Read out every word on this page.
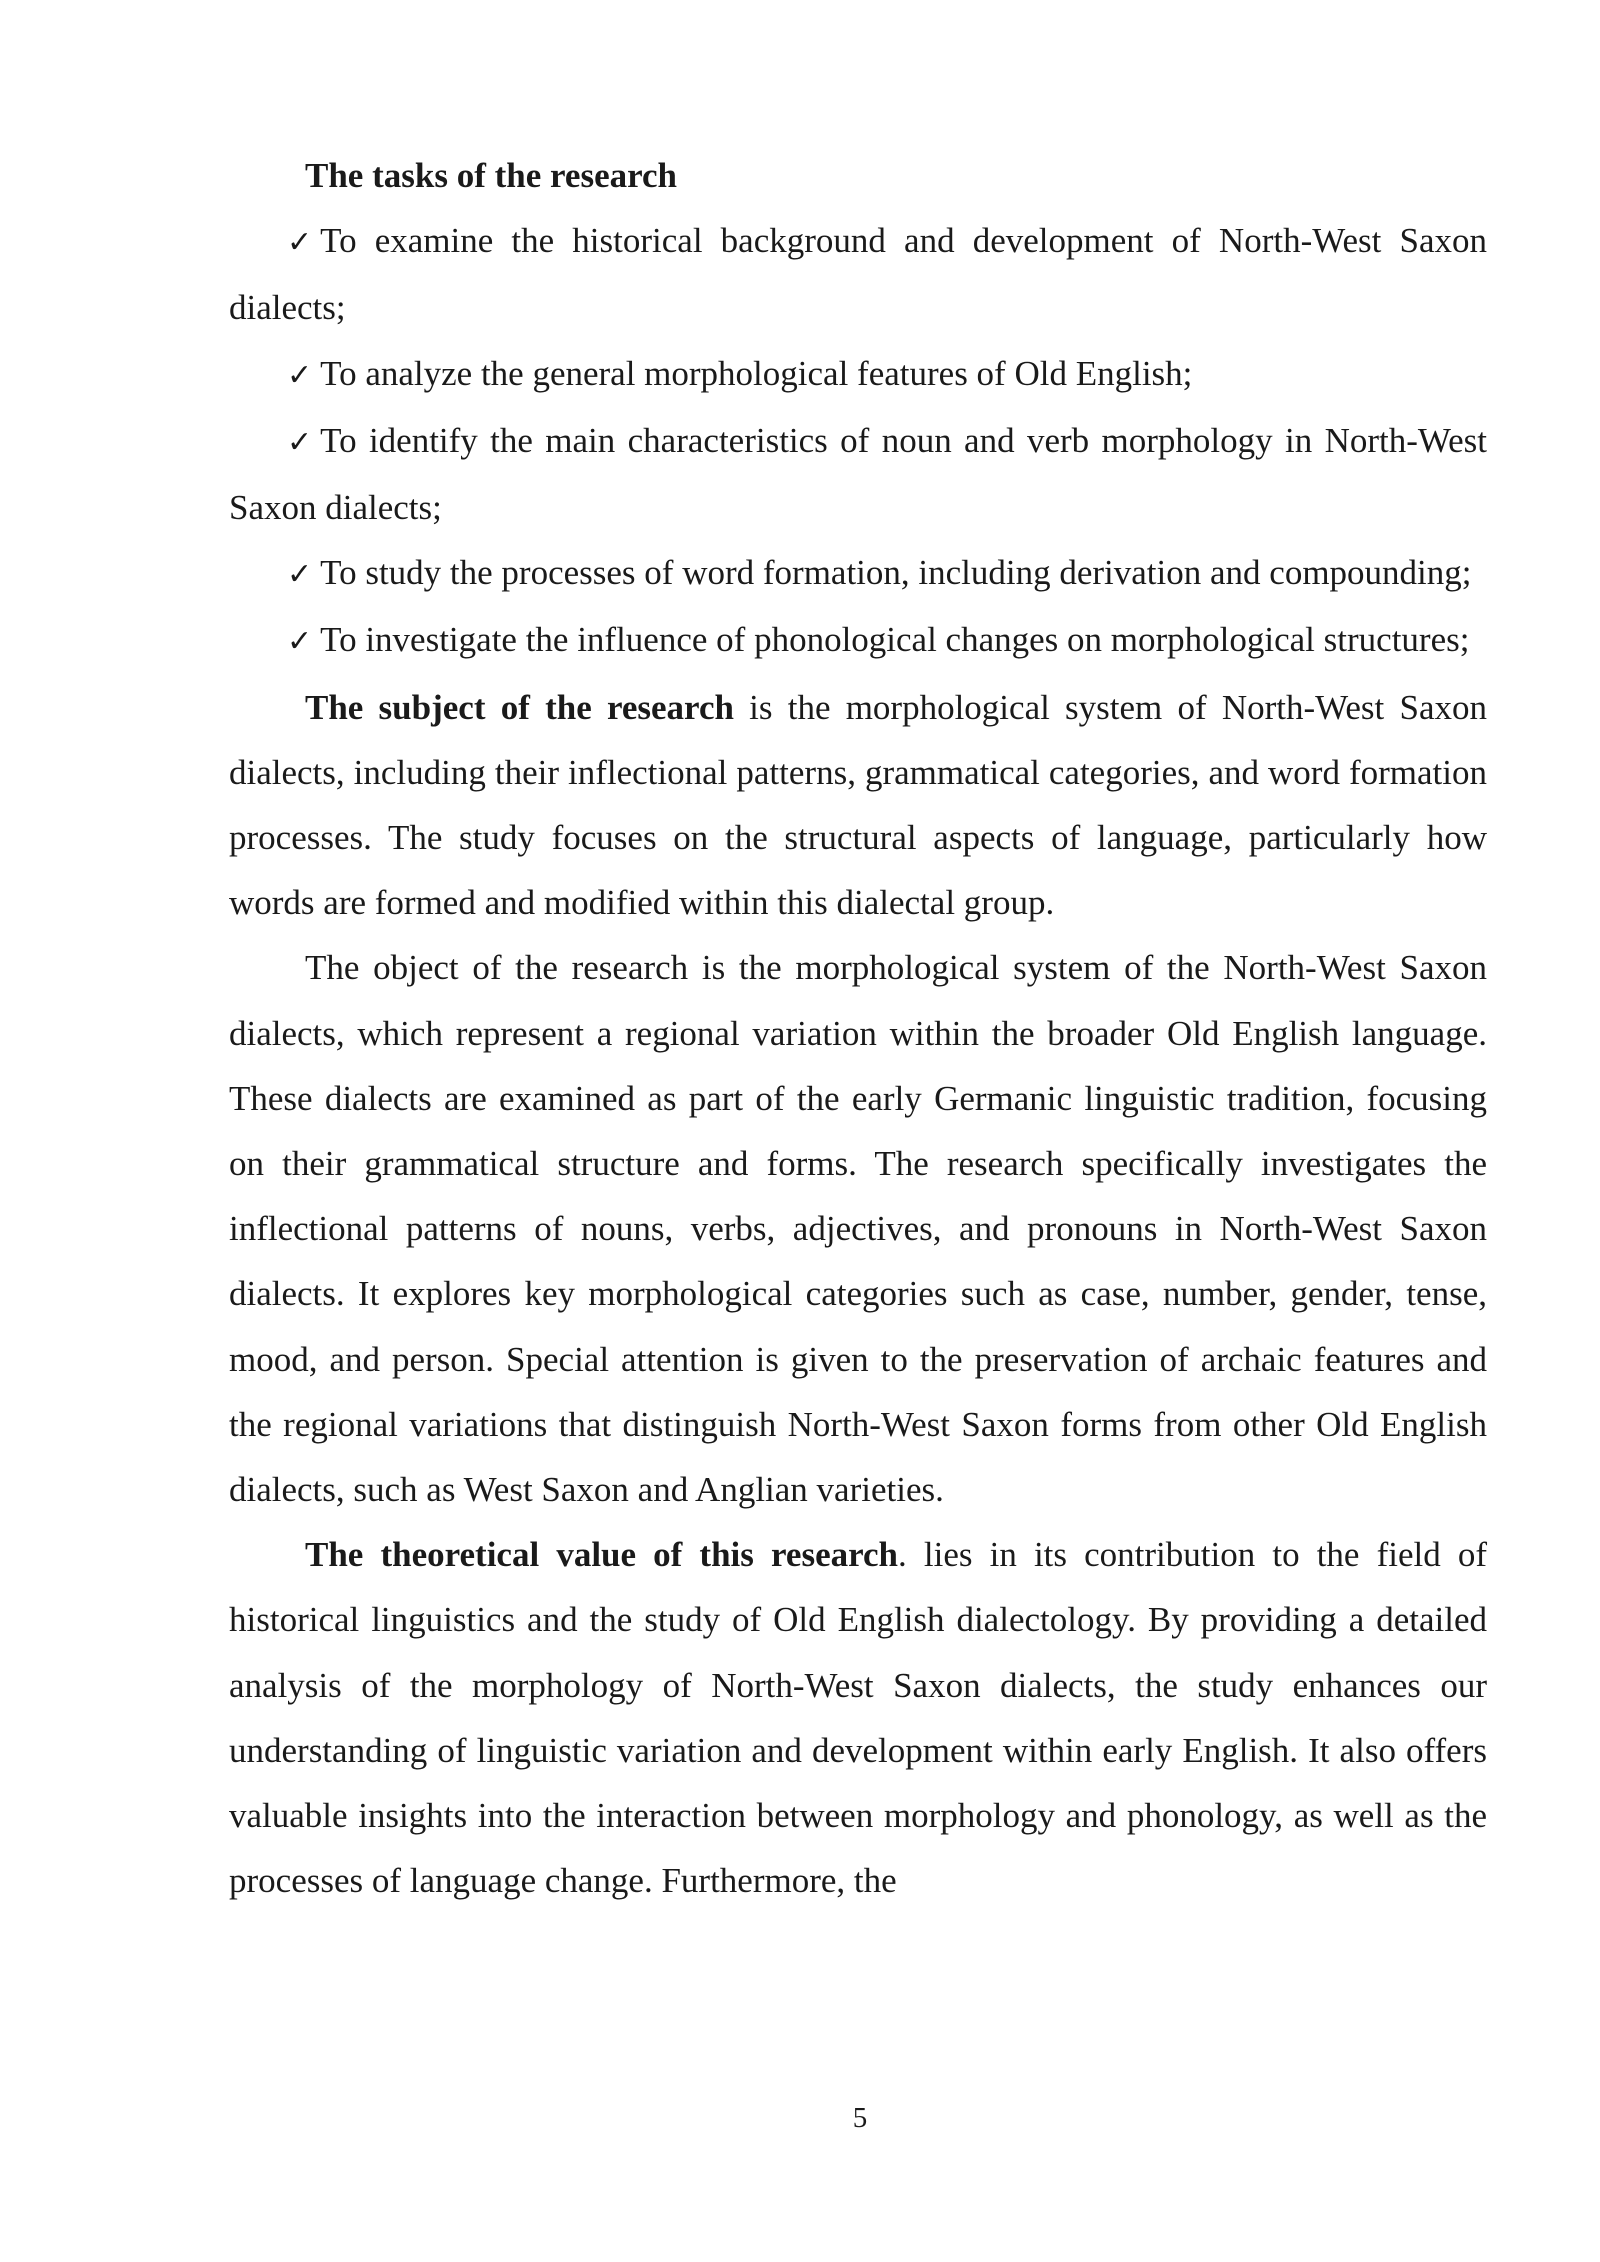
The tasks of the research

✓ To examine the historical background and development of North-West Saxon dialects;

✓ To analyze the general morphological features of Old English;

✓ To identify the main characteristics of noun and verb morphology in North-West Saxon dialects;

✓ To study the processes of word formation, including derivation and compounding;

✓ To investigate the influence of phonological changes on morphological structures;

The subject of the research is the morphological system of North-West Saxon dialects, including their inflectional patterns, grammatical categories, and word formation processes. The study focuses on the structural aspects of language, particularly how words are formed and modified within this dialectal group.

The object of the research is the morphological system of the North-West Saxon dialects, which represent a regional variation within the broader Old English language. These dialects are examined as part of the early Germanic linguistic tradition, focusing on their grammatical structure and forms. The research specifically investigates the inflectional patterns of nouns, verbs, adjectives, and pronouns in North-West Saxon dialects. It explores key morphological categories such as case, number, gender, tense, mood, and person. Special attention is given to the preservation of archaic features and the regional variations that distinguish North-West Saxon forms from other Old English dialects, such as West Saxon and Anglian varieties.

The theoretical value of this research. lies in its contribution to the field of historical linguistics and the study of Old English dialectology. By providing a detailed analysis of the morphology of North-West Saxon dialects, the study enhances our understanding of linguistic variation and development within early English. It also offers valuable insights into the interaction between morphology and phonology, as well as the processes of language change. Furthermore, the

5
